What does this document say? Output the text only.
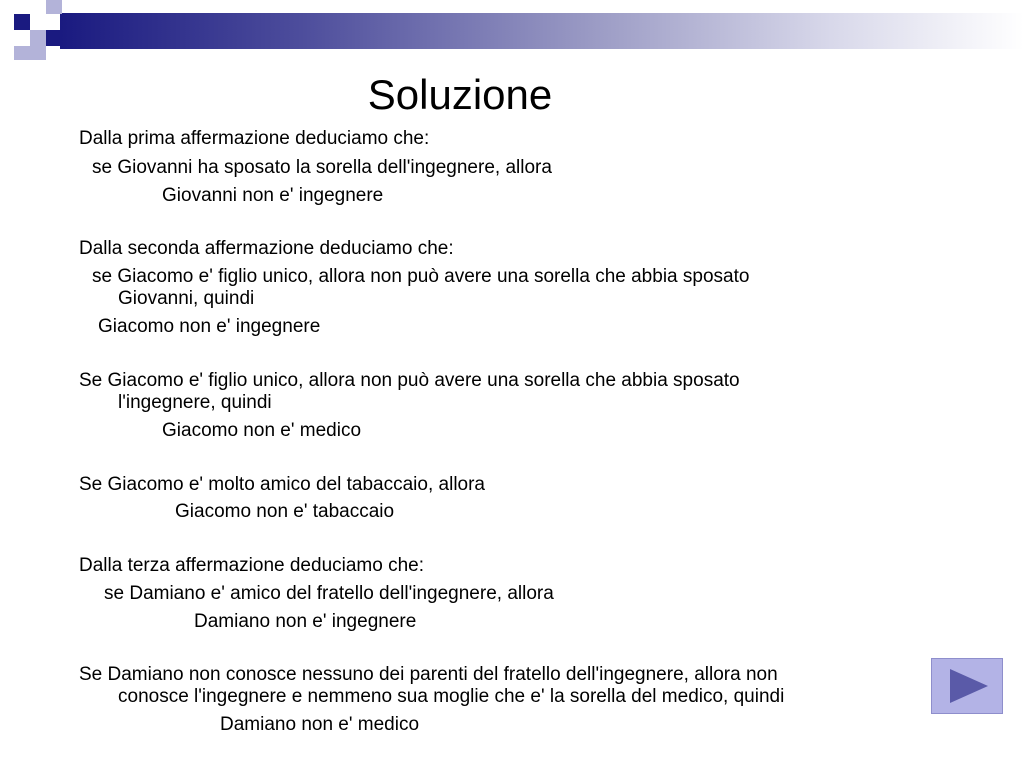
Soluzione

Dalla prima affermazione deduciamo che:

se Giovanni ha sposato la sorella dell'ingegnere, allora

Giovanni non e' ingegnere

Dalla seconda affermazione deduciamo che:

se Giacomo e' figlio unico, allora non può avere una sorella che abbia sposato

Giovanni, quindi

Giacomo non e' ingegnere

Se Giacomo e' figlio unico, allora non può avere una sorella che abbia sposato

l'ingegnere, quindi

Giacomo non e' medico

Se Giacomo e' molto amico del tabaccaio, allora

Giacomo non e' tabaccaio

Dalla terza affermazione deduciamo che:

se Damiano e' amico del fratello dell'ingegnere, allora

Damiano non e' ingegnere

Se Damiano non conosce nessuno dei parenti del fratello dell'ingegnere, allora non

conosce l'ingegnere e nemmeno sua moglie che e' la sorella del medico, quindi

Damiano non e' medico
